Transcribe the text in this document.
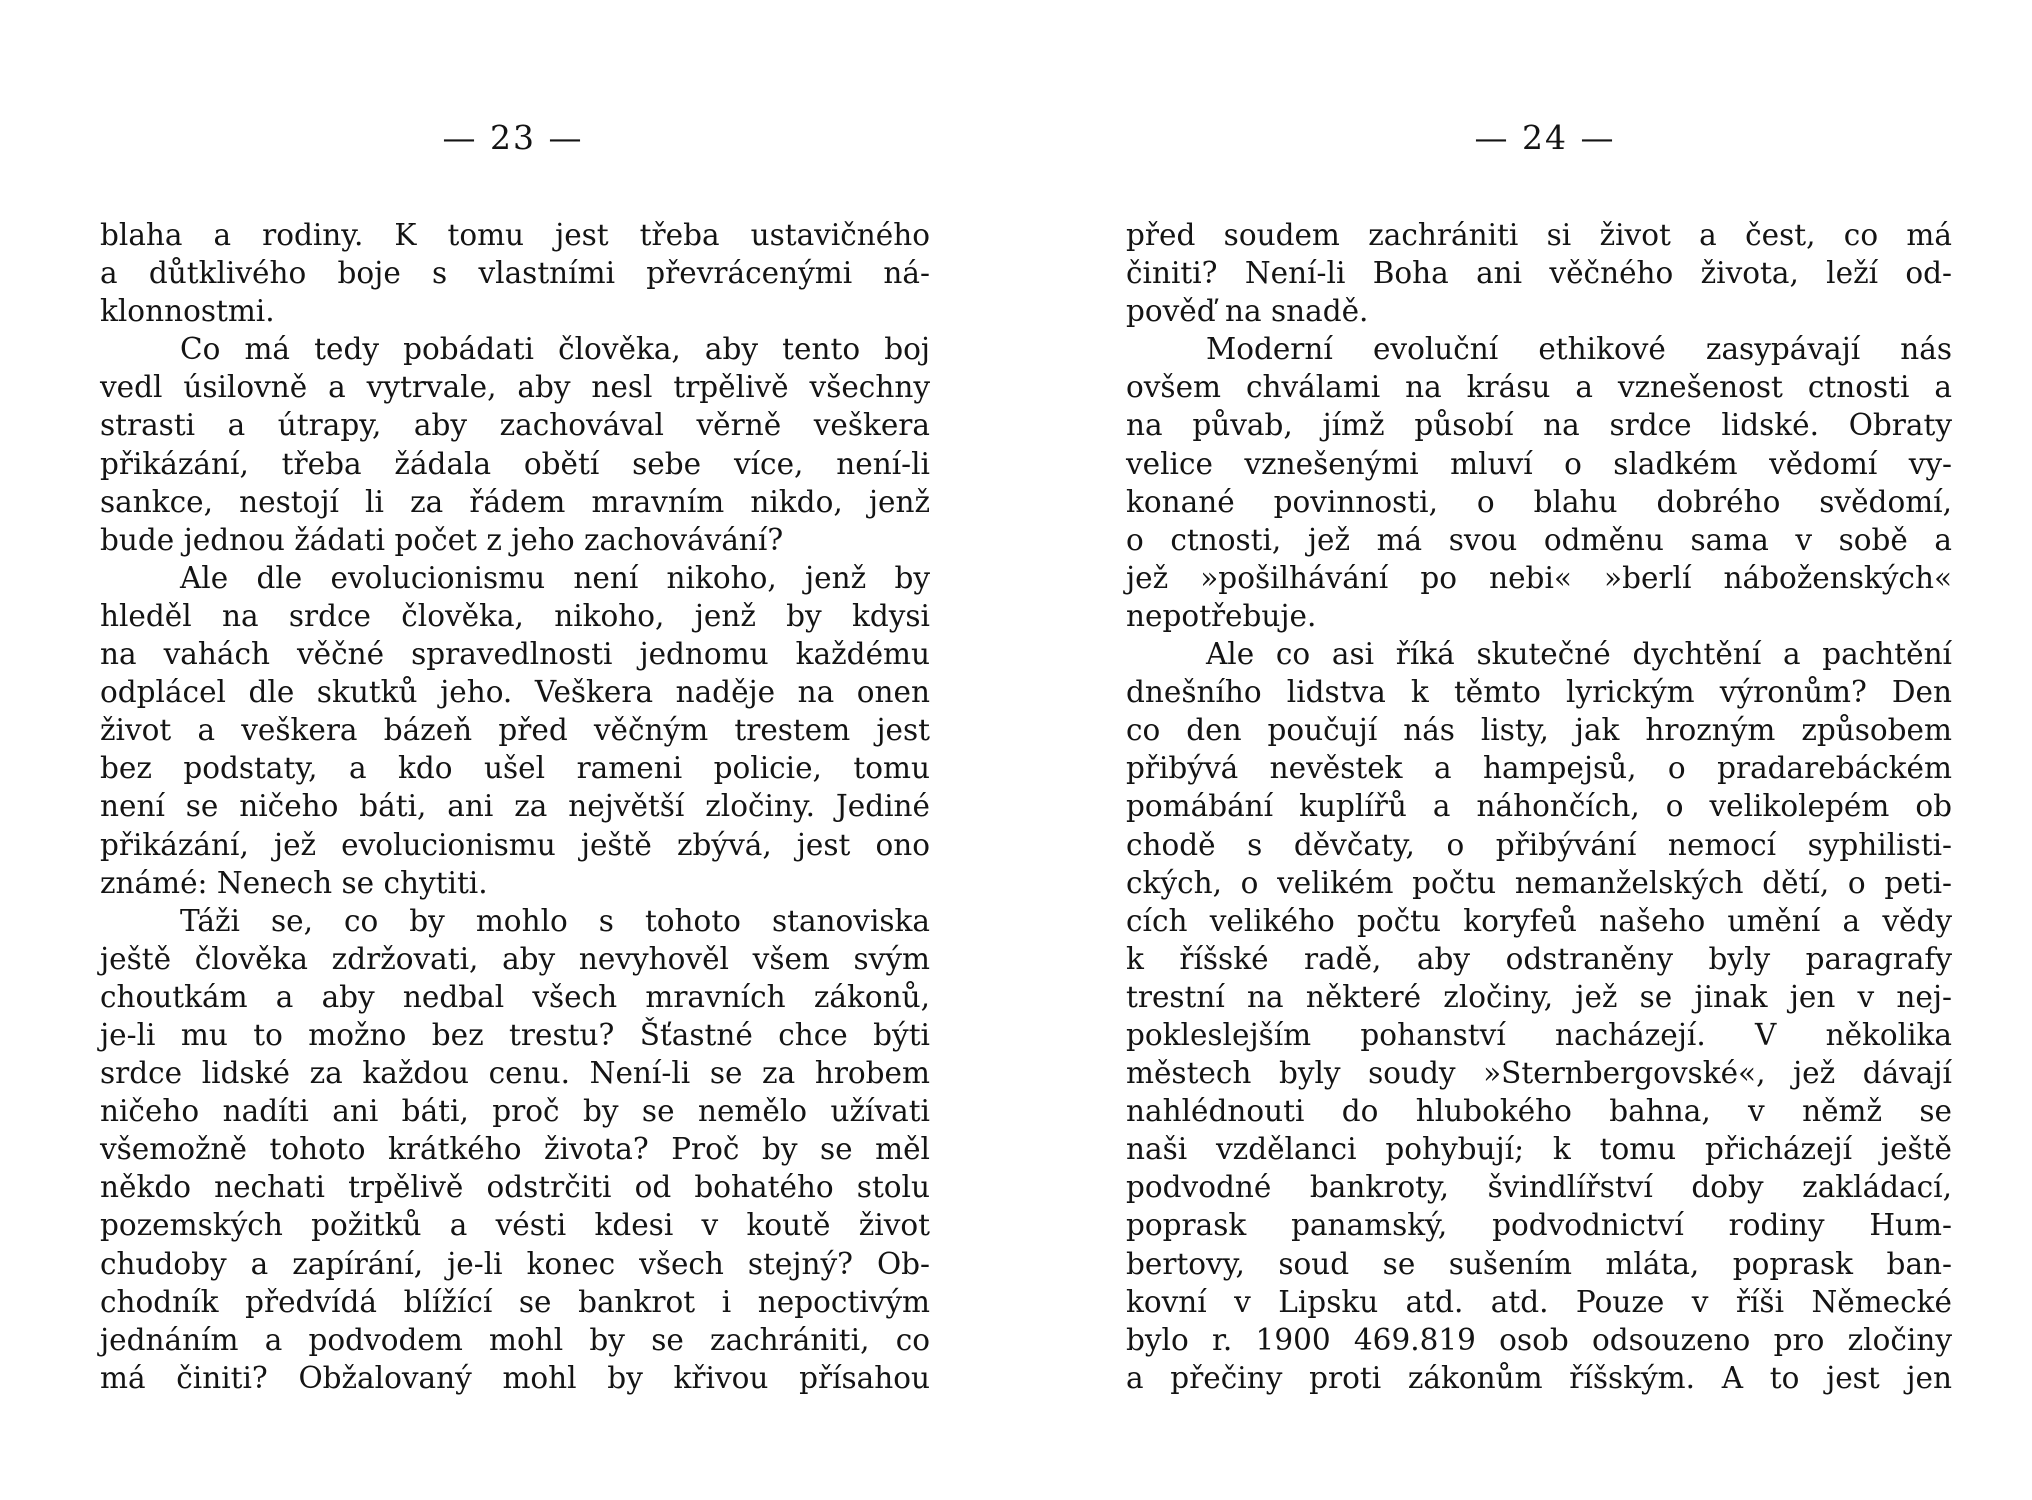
— 23 —
blaha a rodiny. K tomu jest třeba ustavičného
a důtklivého boje s vlastními převrácenými ná-
klonnostmi.
Co má tedy pobádati člověka, aby tento boj
vedl úsilovně a vytrvale, aby nesl trpělivě všechny
strasti a útrapy, aby zachovával věrně veškera
přikázání, třeba žádala obětí sebe více, není-li
sankce, nestojí li za řádem mravním nikdo, jenž
bude jednou žádati počet z jeho zachovávání?
Ale dle evolucionismu není nikoho, jenž by
hleděl na srdce člověka, nikoho, jenž by kdysi
na vahách věčné spravedlnosti jednomu každému
odplácel dle skutků jeho. Veškera naděje na onen
život a veškera bázeň před věčným trestem jest
bez podstaty, a kdo ušel rameni policie, tomu
není se ničeho báti, ani za největší zločiny. Jediné
přikázání, jež evolucionismu ještě zbývá, jest ono
známé: Nenech se chytiti.
Táži se, co by mohlo s tohoto stanoviska
ještě člověka zdržovati, aby nevyhověl všem svým
choutkám a aby nedbal všech mravních zákonů,
je-li mu to možno bez trestu? Šťastné chce býti
srdce lidské za každou cenu. Není-li se za hrobem
ničeho nadíti ani báti, proč by se nemělo užívati
všemožně tohoto krátkého života? Proč by se měl
někdo nechati trpělivě odstrčiti od bohatého stolu
pozemských požitků a vésti kdesi v koutě život
chudoby a zapírání, je-li konec všech stejný? Ob-
chodník předvídá blížící se bankrot i nepoctivým
jednáním a podvodem mohl by se zachrániti, co
má činiti? Obžalovaný mohl by křivou přísahou
— 24 —
před soudem zachrániti si život a čest, co má
činiti? Není-li Boha ani věčného života, leží od-
pověď na snadě.
Moderní evoluční ethikové zasypávají nás
ovšem chválami na krásu a vznešenost ctnosti a
na půvab, jímž působí na srdce lidské. Obraty
velice vznešenými mluví o sladkém vědomí vy-
konané povinnosti, o blahu dobrého svědomí,
o ctnosti, jež má svou odměnu sama v sobě a
jež »pošilhávání po nebi« »berlí náboženských«
nepotřebuje.
Ale co asi říká skutečné dychtění a pachtění
dnešního lidstva k těmto lyrickým výronům? Den
co den poučují nás listy, jak hrozným způsobem
přibývá nevěstek a hampejsů, o pradarebáckém
pomábání kuplířů a náhončích, o velikolepém ob
chodě s děvčaty, o přibývání nemocí syphilisti-
ckých, o velikém počtu nemanželských dětí, o peti-
cích velikého počtu koryfeů našeho umění a vědy
k říšské radě, aby odstraněny byly paragrafy
trestní na některé zločiny, jež se jinak jen v nej-
pokleslejším pohanství nacházejí. V několika
městech byly soudy »Sternbergovské«, jež dávají
nahlédnouti do hlubokého bahna, v němž se
naši vzdělanci pohybují; k tomu přicházejí ještě
podvodné bankroty, švindlířství doby zakládací,
poprask panamský, podvodnictví rodiny Hum-
bertovy, soud se sušením mláta, poprask ban-
kovní v Lipsku atd. atd. Pouze v říši Německé
bylo r. 1900 469.819 osob odsouzeno pro zločiny
a přečiny proti zákonům říšským. A to jest jen
